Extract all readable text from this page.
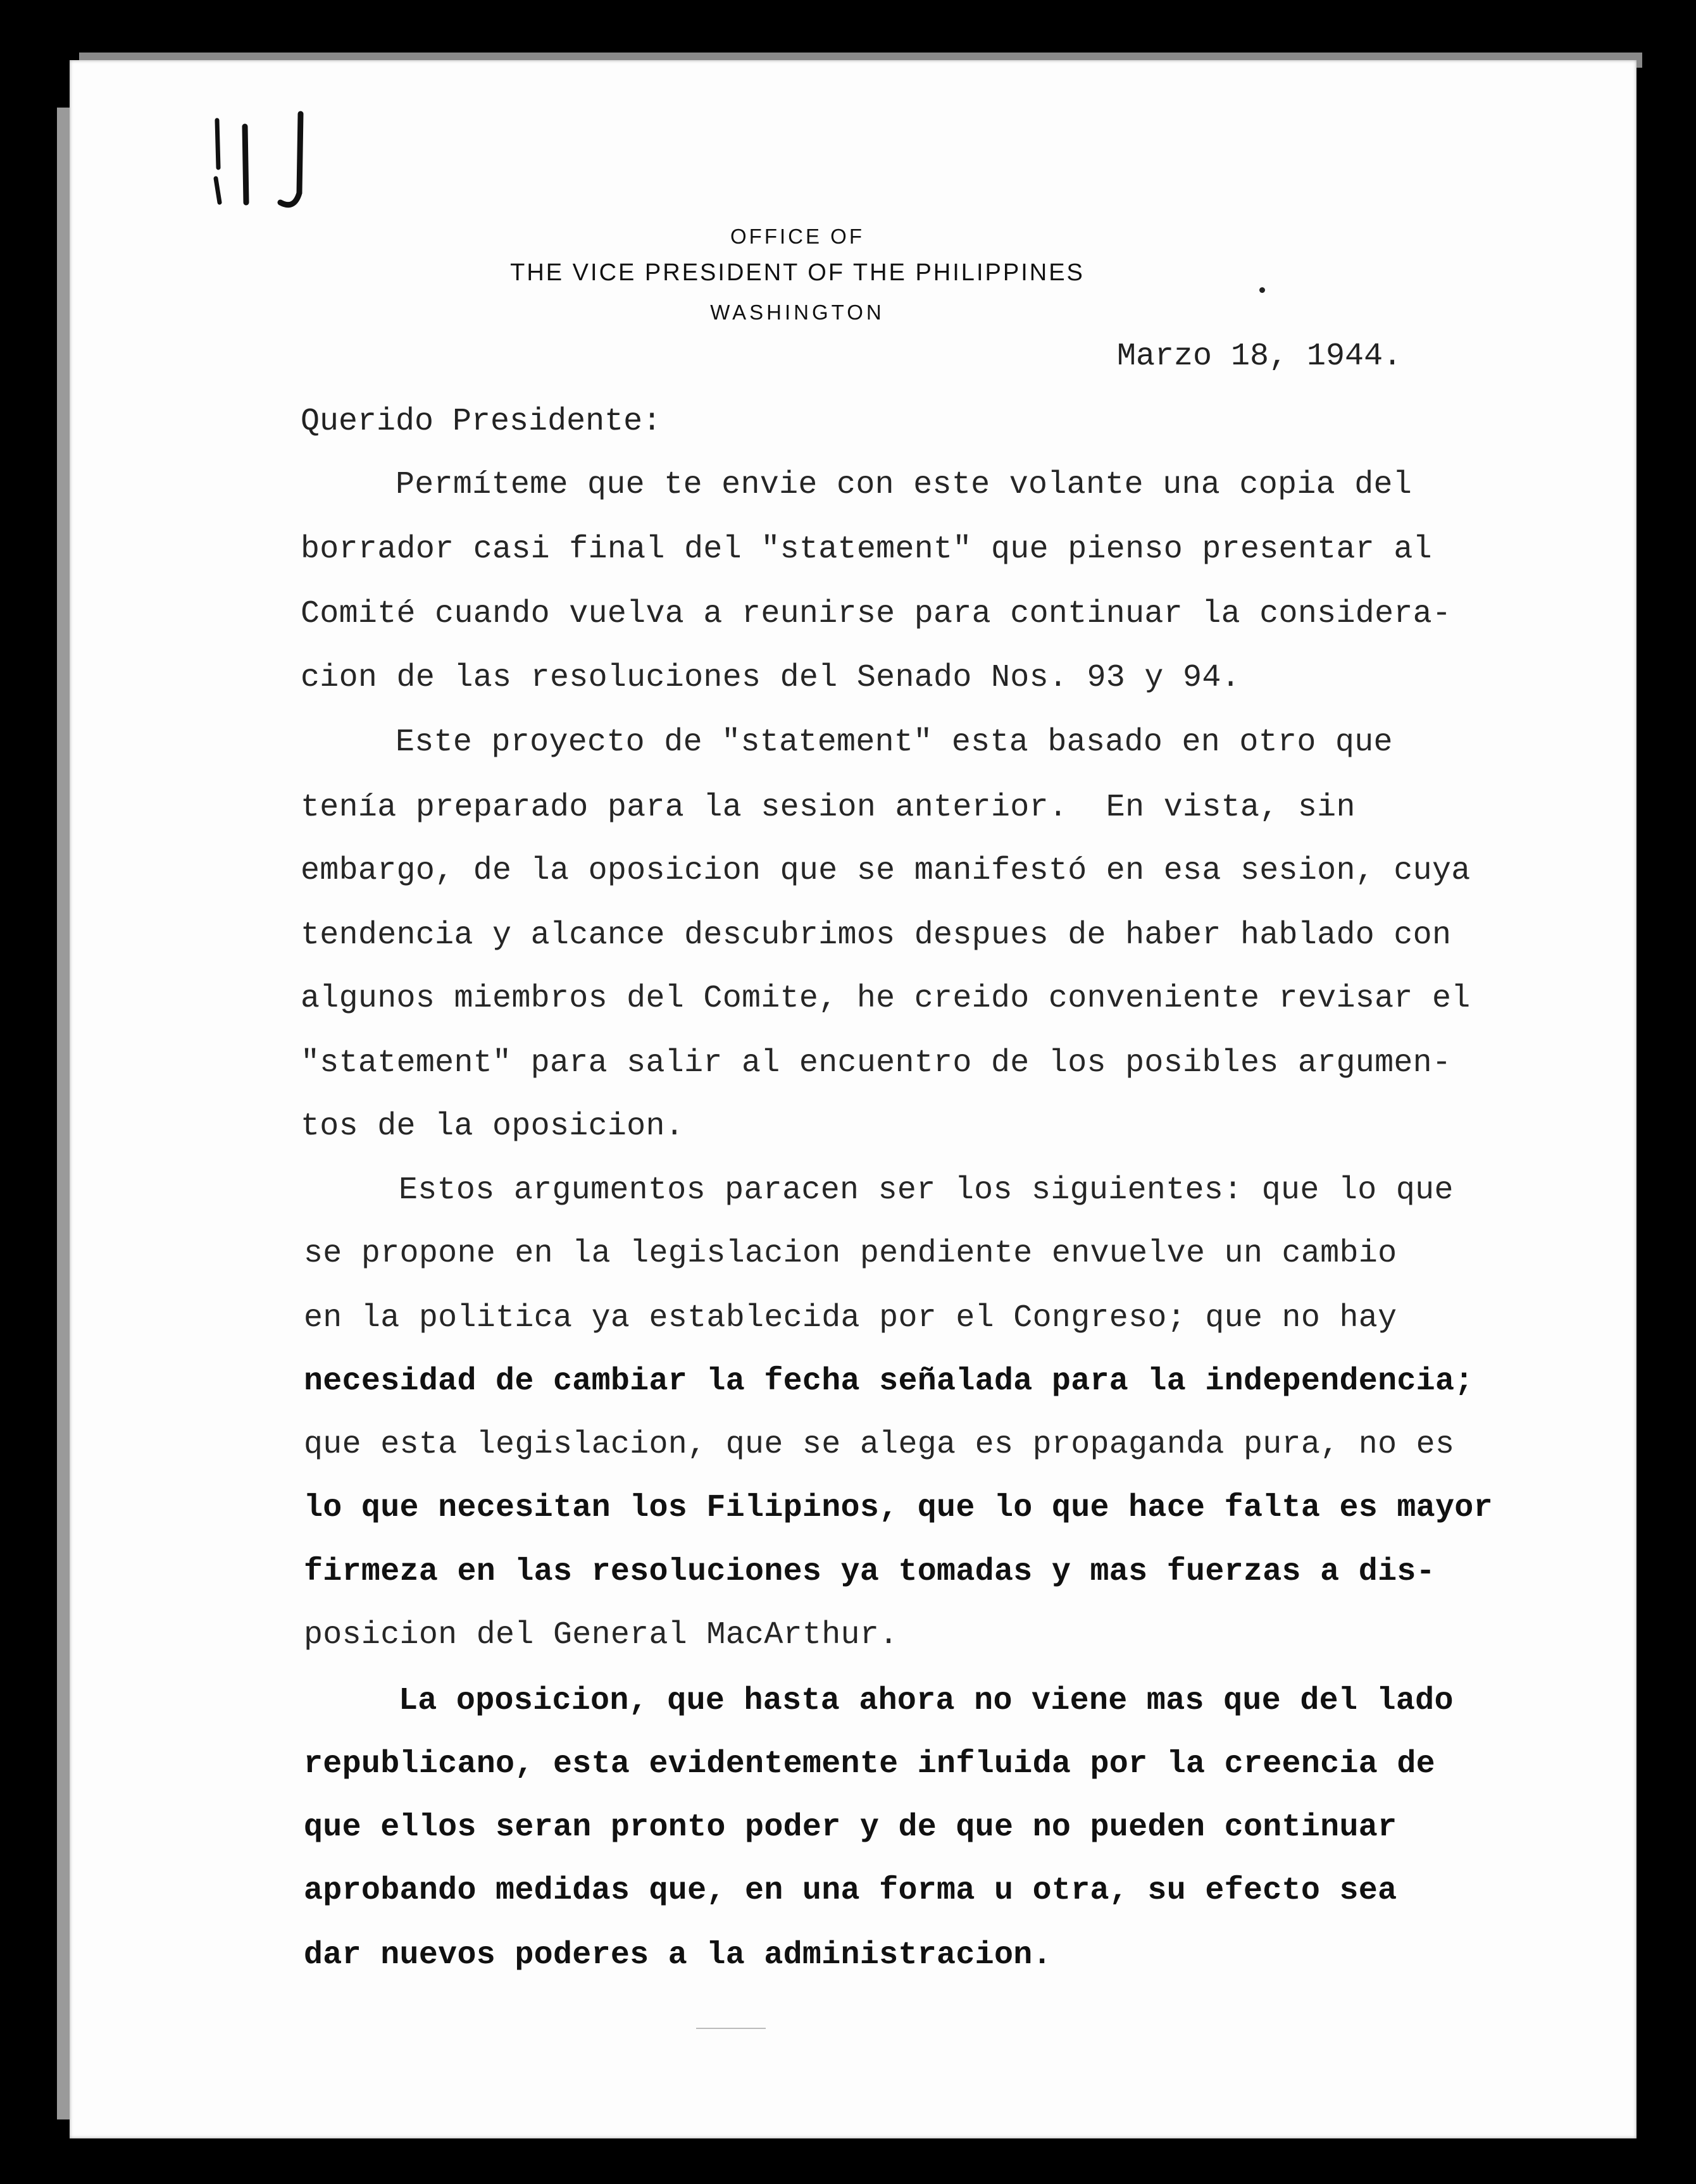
OFFICE OF
THE VICE PRESIDENT OF THE PHILIPPINES
WASHINGTON
Marzo 18, 1944.
Querido Presidente:
Permíteme que te envie con este volante una copia del
borrador casi final del "statement" que pienso presentar al
Comité cuando vuelva a reunirse para continuar la considera-
cion de las resoluciones del Senado Nos. 93 y 94.
Este proyecto de "statement" esta basado en otro que
tenía preparado para la sesion anterior.  En vista, sin
embargo, de la oposicion que se manifestó en esa sesion, cuya
tendencia y alcance descubrimos despues de haber hablado con
algunos miembros del Comite, he creido conveniente revisar el
"statement" para salir al encuentro de los posibles argumen-
tos de la oposicion.
Estos argumentos paracen ser los siguientes: que lo que
se propone en la legislacion pendiente envuelve un cambio
en la politica ya establecida por el Congreso; que no hay
necesidad de cambiar la fecha señalada para la independencia;
que esta legislacion, que se alega es propaganda pura, no es
lo que necesitan los Filipinos, que lo que hace falta es mayor
firmeza en las resoluciones ya tomadas y mas fuerzas a dis-
posicion del General MacArthur.
La oposicion, que hasta ahora no viene mas que del lado
republicano, esta evidentemente influida por la creencia de
que ellos seran pronto poder y de que no pueden continuar
aprobando medidas que, en una forma u otra, su efecto sea
dar nuevos poderes a la administracion.
